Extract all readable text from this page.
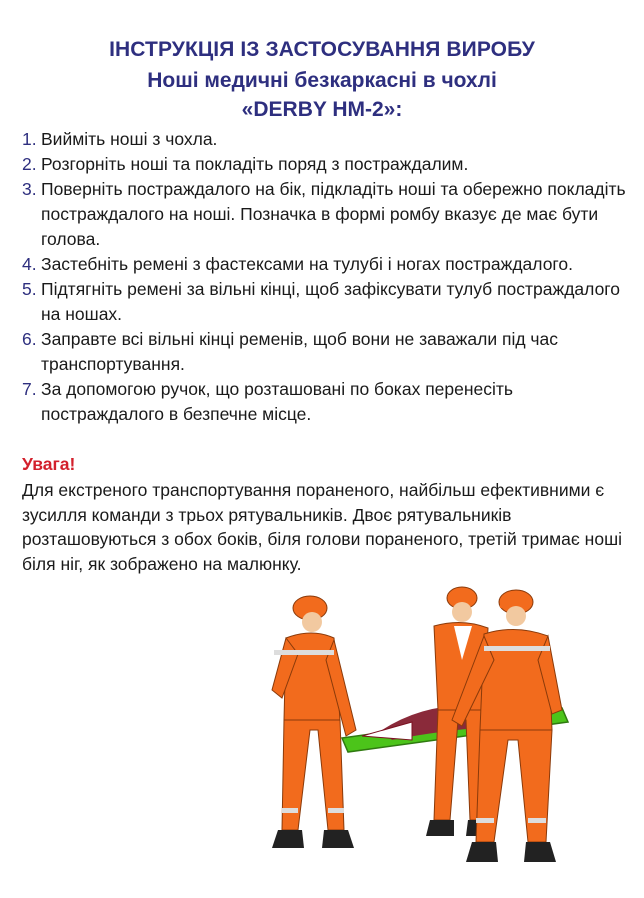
ІНСТРУКЦІЯ ІЗ ЗАСТОСУВАННЯ ВИРОБУ
Ноші медичні безкаркасні в чохлі
«DERBY НМ-2»:
1. Вийміть ноші з чохла.
2. Розгорніть ноші та покладіть поряд з постраждалим.
3. Поверніть постраждалого на бік, підкладіть ноші та обережно покладіть постраждалого на ноші. Позначка в формі ромбу вказує де має бути голова.
4. Застебніть ремені з фастексами на тулубі і ногах постраждалого.
5. Підтягніть ремені за вільні кінці, щоб зафіксувати тулуб постраждалого на ношах.
6. Заправте всі вільні кінці ременів, щоб вони не заважали під час транспортування.
7. За допомогою ручок, що розташовані по боках перенесіть постраждалого в безпечне місце.
Увага!
Для екстреного транспортування пораненого, найбільш ефективними є зусилля команди з трьох рятувальників. Двоє рятувальників розташовуються з обох боків, біля голови пораненого, третій тримає ноші біля ніг, як зображено на малюнку.
